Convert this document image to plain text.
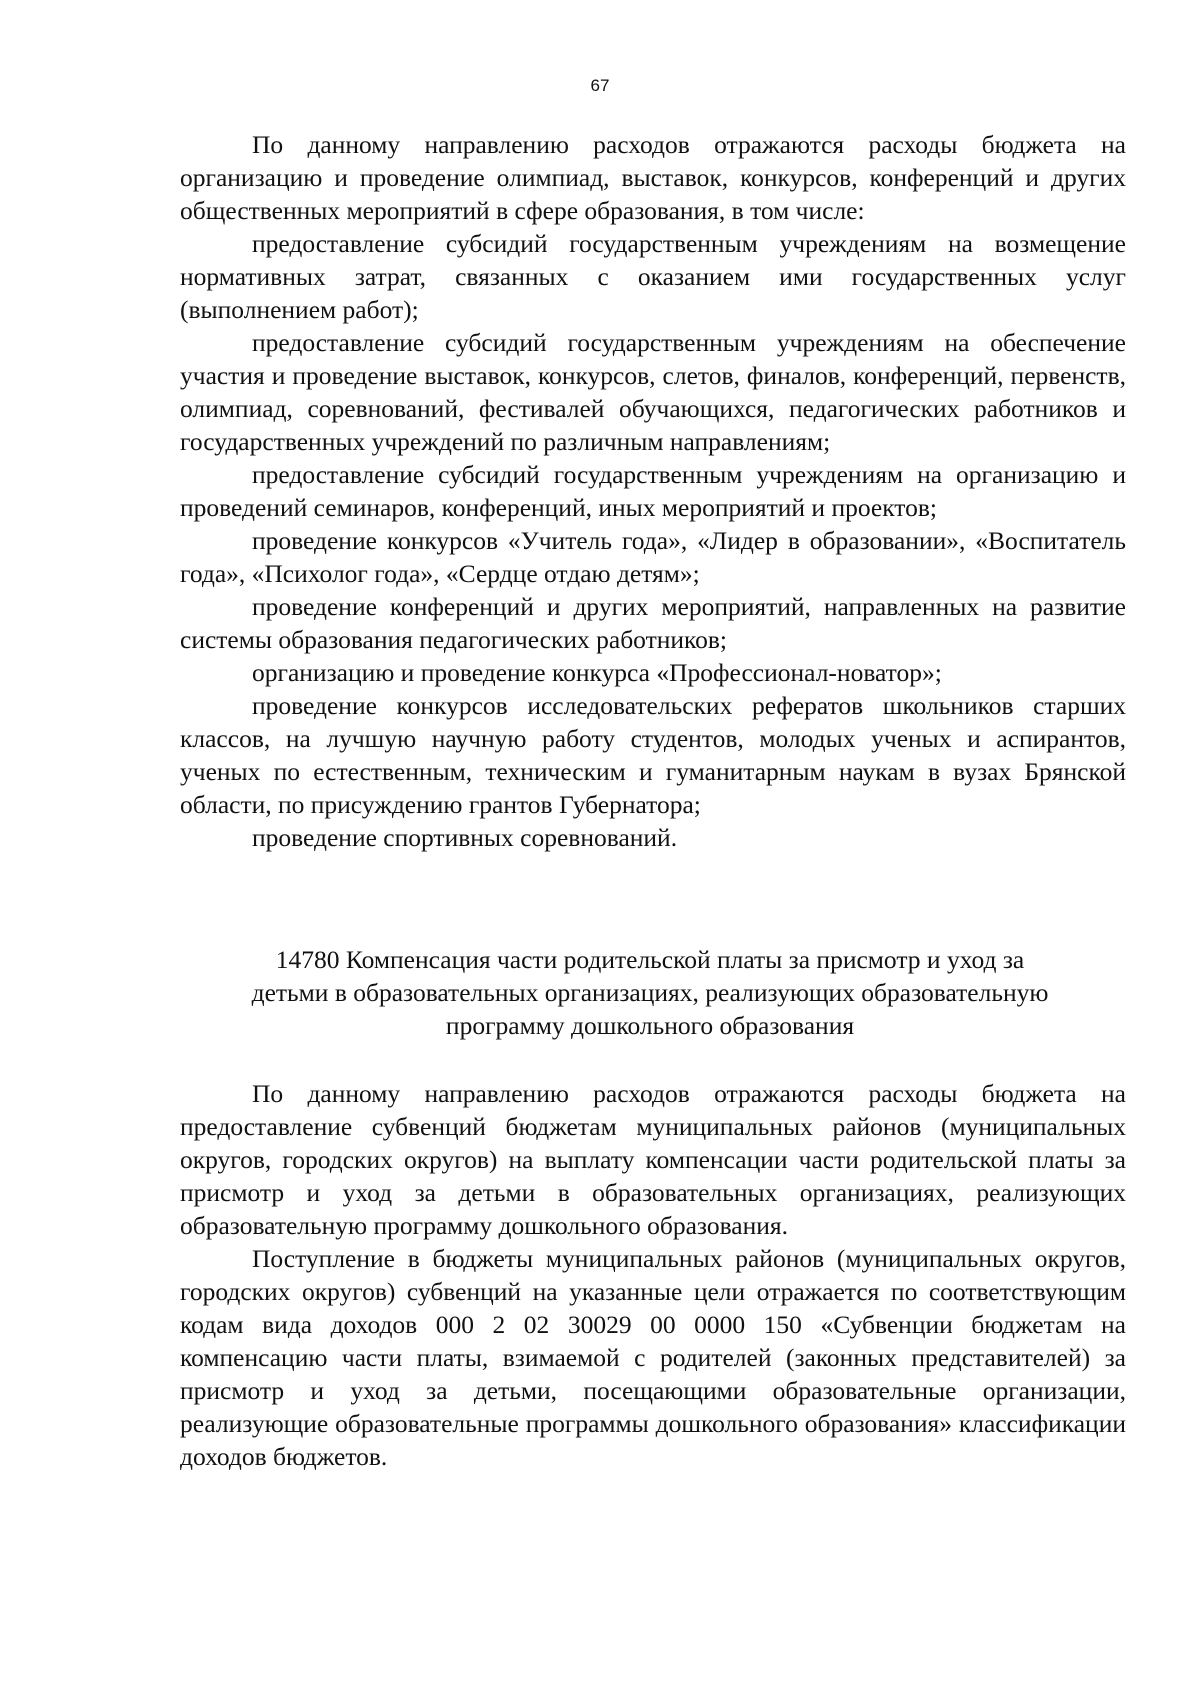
67

По данному направлению расходов отражаются расходы бюджета на организацию и проведение олимпиад, выставок, конкурсов, конференций и других общественных мероприятий в сфере образования, в том числе:

предоставление субсидий государственным учреждениям на возмещение нормативных затрат, связанных с оказанием ими государственных услуг (выполнением работ);

предоставление субсидий государственным учреждениям на обеспечение участия и проведение выставок, конкурсов, слетов, финалов, конференций, первенств, олимпиад, соревнований, фестивалей обучающихся, педагогических работников и государственных учреждений по различным направлениям;

предоставление субсидий государственным учреждениям на организацию и проведений семинаров, конференций, иных мероприятий и проектов;

проведение конкурсов «Учитель года», «Лидер в образовании», «Воспитатель года», «Психолог года», «Сердце отдаю детям»;

проведение конференций и других мероприятий, направленных на развитие системы образования педагогических работников;

организацию и проведение конкурса «Профессионал-новатор»;

проведение конкурсов исследовательских рефератов школьников старших классов, на лучшую научную работу студентов, молодых ученых и аспирантов, ученых по естественным, техническим и гуманитарным наукам в вузах Брянской области, по присуждению грантов Губернатора;

проведение спортивных соревнований.

14780 Компенсация части родительской платы за присмотр и уход за
детьми в образовательных организациях, реализующих образовательную
программу дошкольного образования

По данному направлению расходов отражаются расходы бюджета на предоставление субвенций бюджетам муниципальных районов (муниципальных округов, городских округов) на выплату компенсации части родительской платы за присмотр и уход за детьми в образовательных организациях, реализующих образовательную программу дошкольного образования.

Поступление в бюджеты муниципальных районов (муниципальных округов, городских округов) субвенций на указанные цели отражается по соответствующим кодам вида доходов 000 2 02 30029 00 0000 150 «Субвенции бюджетам на компенсацию части платы, взимаемой с родителей (законных представителей) за присмотр и уход за детьми, посещающими образовательные организации, реализующие образовательные программы дошкольного образования» классификации доходов бюджетов.
